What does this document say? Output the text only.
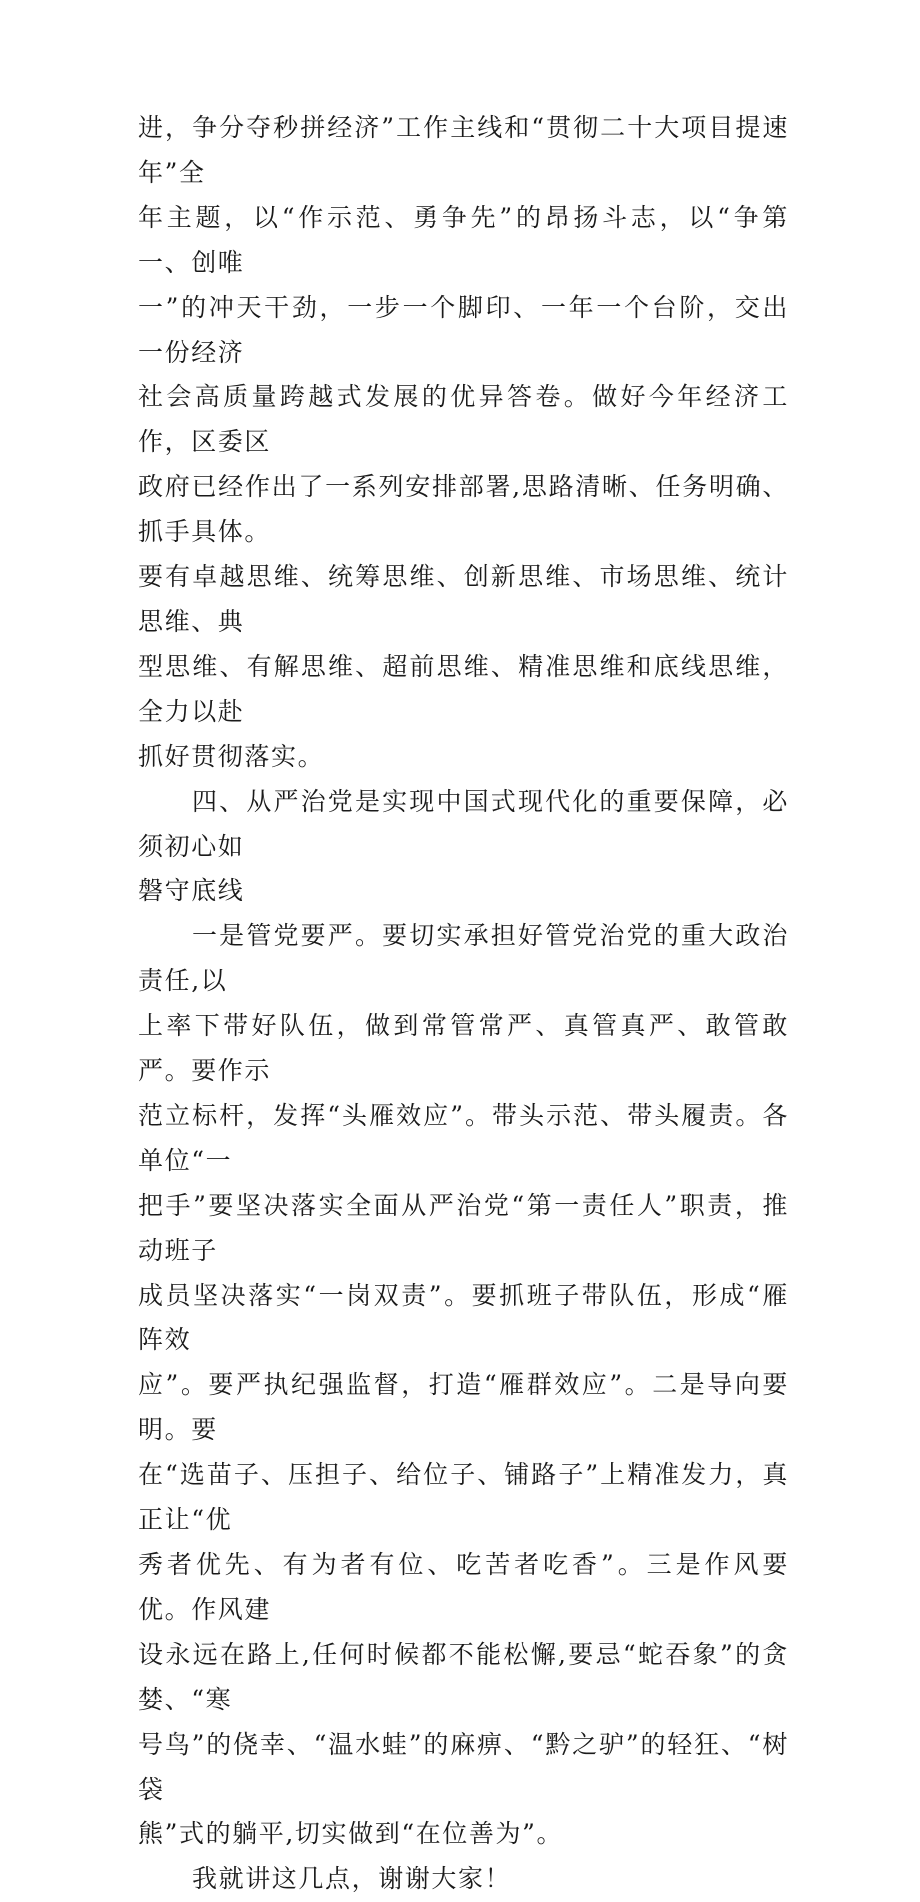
进，争分夺秒拼经济”工作主线和“贯彻二十大项目提速年”全
年主题，以“作示范、勇争先”的昂扬斗志，以“争第一、创唯
一”的冲天干劲，一步一个脚印、一年一个台阶，交出一份经济
社会高质量跨越式发展的优异答卷。做好今年经济工作，区委区
政府已经作出了一系列安排部署,思路清晰、任务明确、抓手具体。
要有卓越思维、统筹思维、创新思维、市场思维、统计思维、典
型思维、有解思维、超前思维、精准思维和底线思维，全力以赴
抓好贯彻落实。

四、从严治党是实现中国式现代化的重要保障，必须初心如
磐守底线

一是管党要严。要切实承担好管党治党的重大政治责任,以
上率下带好队伍，做到常管常严、真管真严、敢管敢严。要作示
范立标杆，发挥“头雁效应”。带头示范、带头履责。各单位“一
把手”要坚决落实全面从严治党“第一责任人”职责，推动班子
成员坚决落实“一岗双责”。要抓班子带队伍，形成“雁阵效
应”。要严执纪强监督，打造“雁群效应”。二是导向要明。要
在“选苗子、压担子、给位子、铺路子”上精准发力，真正让“优
秀者优先、有为者有位、吃苦者吃香”。三是作风要优。作风建
设永远在路上,任何时候都不能松懈,要忌“蛇吞象”的贪婪、“寒
号鸟”的侥幸、“温水蛙”的麻痹、“黔之驴”的轻狂、“树袋
熊”式的躺平,切实做到“在位善为”。

我就讲这几点，谢谢大家！
